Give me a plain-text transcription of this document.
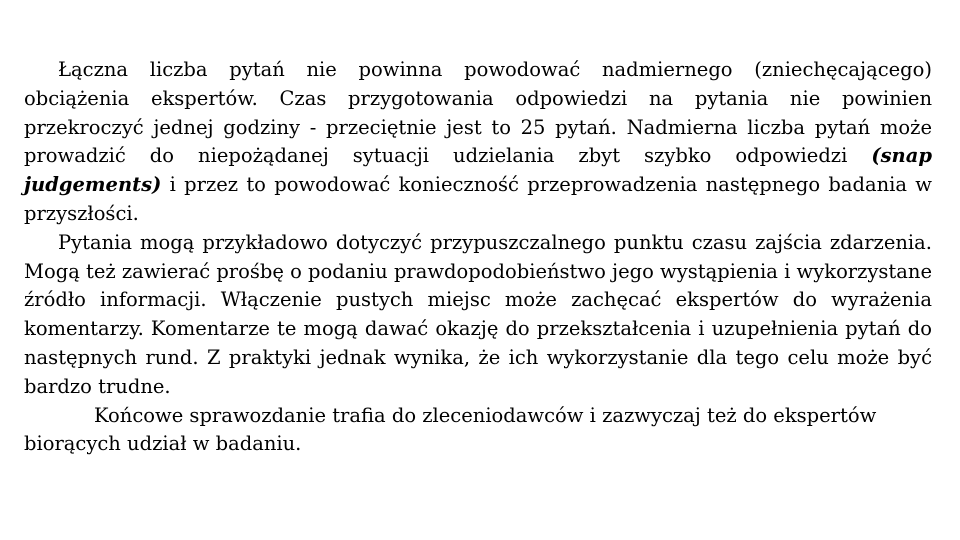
Łączna liczba pytań nie powinna powodować nadmiernego (zniechęcającego) obciążenia ekspertów. Czas przygotowania odpowiedzi na pytania nie powinien przekroczyć jednej godziny - przeciętnie jest to 25 pytań. Nadmierna liczba pytań może prowadzić do niepożądanej sytuacji udzielania zbyt szybko odpowiedzi (snap judgements) i przez to powodować konieczność przeprowadzenia następnego badania w przyszłości.

Pytania mogą przykładowo dotyczyć przypuszczalnego punktu czasu zajścia zdarzenia. Mogą też zawierać prośbę o podaniu prawdopodobieństwo jego wystąpienia i wykorzystane źródło informacji. Włączenie pustych miejsc może zachęcać ekspertów do wyrażenia komentarzy. Komentarze te mogą dawać okazję do przekształcenia i uzupełnienia pytań do następnych rund. Z praktyki jednak wynika, że ich wykorzystanie dla tego celu może być bardzo trudne.

Końcowe sprawozdanie trafia do zleceniodawców i zazwyczaj też do ekspertów biorących udział w badaniu.
